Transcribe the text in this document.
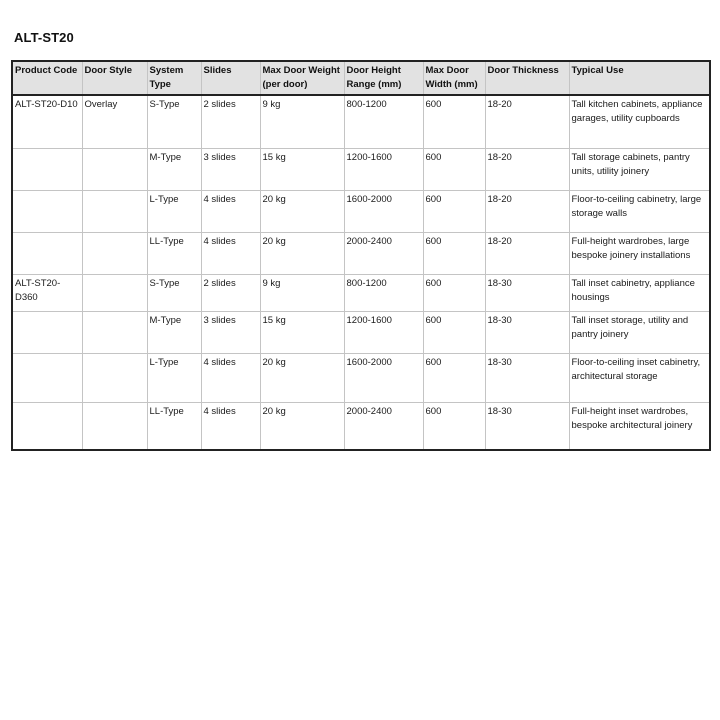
ALT-ST20
Product Code	Door Style	System Type	Slides	Max Door Weight (per door)	Door Height Range (mm)	Max Door Width (mm)	Door Thickness	Typical Use
ALT-ST20-D10	Overlay	S-Type	2 slides	9 kg	800-1200	600	18-20	Tall kitchen cabinets, appliance garages, utility cupboards
		M-Type	3 slides	15 kg	1200-1600	600	18-20	Tall storage cabinets, pantry units, utility joinery
		L-Type	4 slides	20 kg	1600-2000	600	18-20	Floor-to-ceiling cabinetry, large storage walls
		LL-Type	4 slides	20 kg	2000-2400	600	18-20	Full-height wardrobes, large bespoke joinery installations
ALT-ST20-D360		S-Type	2 slides	9 kg	800-1200	600	18-30	Tall inset cabinetry, appliance housings
		M-Type	3 slides	15 kg	1200-1600	600	18-30	Tall inset storage, utility and pantry joinery
		L-Type	4 slides	20 kg	1600-2000	600	18-30	Floor-to-ceiling inset cabinetry, architectural storage
		LL-Type	4 slides	20 kg	2000-2400	600	18-30	Full-height inset wardrobes, bespoke architectural joinery
